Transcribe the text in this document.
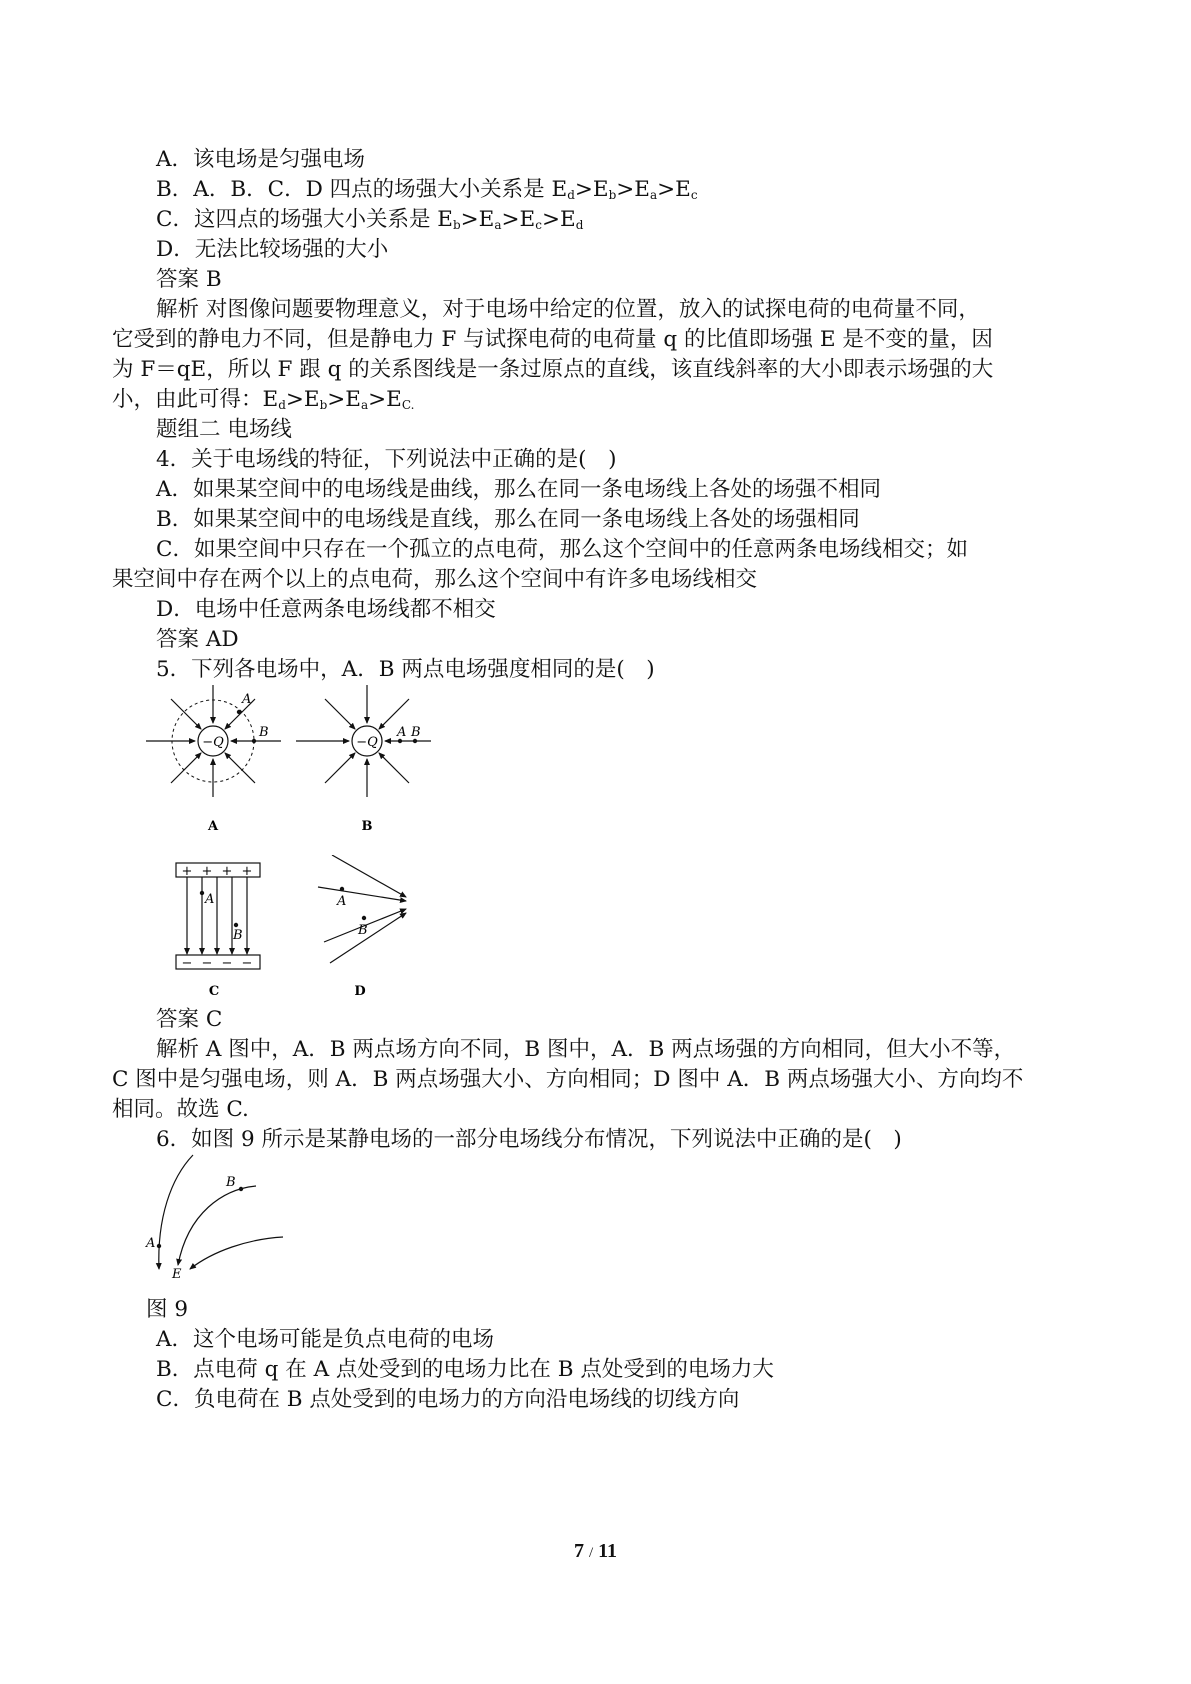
A．该电场是匀强电场
B．A．B．C．D 四点的场强大小关系是 $E_d>E_b>E_a>E_c$
C．这四点的场强大小关系是 $E_b>E_a>E_c>E_d$
D．无法比较场强的大小
答案 B
解析 对图像问题要物理意义，对于电场中给定的位置，放入的试探电荷的电荷量不同，
它受到的静电力不同，但是静电力 F 与试探电荷的电荷量 q 的比值即场强 E 是不变的量，因
为 F＝qE，所以 F 跟 q 的关系图线是一条过原点的直线，该直线斜率的大小即表示场强的大
小，由此可得：$E_d>E_b>E_a>E_{C.}$
题组二 电场线
4．关于电场线的特征，下列说法中正确的是(　)
A．如果某空间中的电场线是曲线，那么在同一条电场线上各处的场强不相同
B．如果某空间中的电场线是直线，那么在同一条电场线上各处的场强相同
C．如果空间中只存在一个孤立的点电荷，那么这个空间中的任意两条电场线相交；如
果空间中存在两个以上的点电荷，那么这个空间中有许多电场线相交
D．电场中任意两条电场线都不相交
答案 AD
5．下列各电场中，A．B 两点电场强度相同的是(　)
−Q
A
B
A
−Q
A B
B
+ + + +
− − − −
A
B
C
A
B
D
答案 C
解析 A 图中，A．B 两点场方向不同，B 图中，A．B 两点场强的方向相同，但大小不等，
C 图中是匀强电场，则 A．B 两点场强大小、方向相同；D 图中 A．B 两点场强大小、方向均不
相同。故选 C.
6．如图 9 所示是某静电场的一部分电场线分布情况，下列说法中正确的是(　)
A
B
E
图 9
A．这个电场可能是负点电荷的电场
B．点电荷 q 在 A 点处受到的电场力比在 B 点处受到的电场力大
C．负电荷在 B 点处受到的电场力的方向沿电场线的切线方向
7 / 11
